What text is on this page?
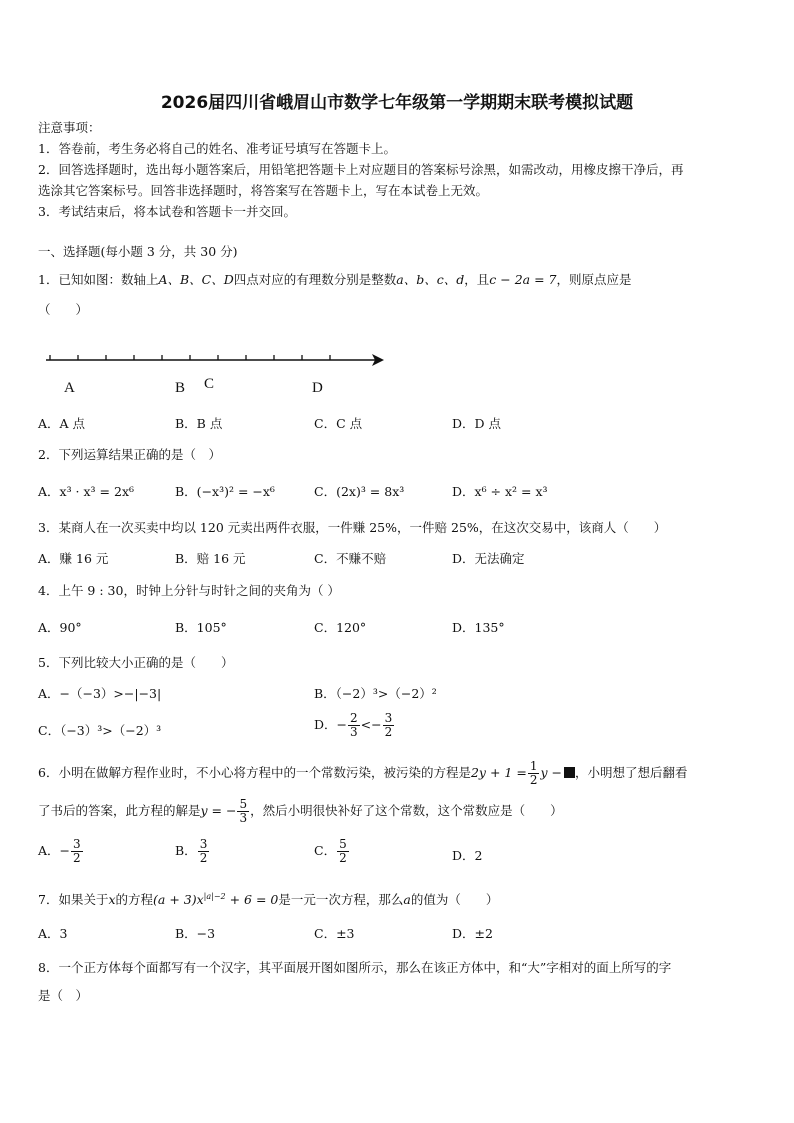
2026届四川省峨眉山市数学七年级第一学期期末联考模拟试题
注意事项：
1．答卷前，考生务必将自己的姓名、准考证号填写在答题卡上。
2．回答选择题时，选出每小题答案后，用铅笔把答题卡上对应题目的答案标号涂黑，如需改动，用橡皮擦干净后，再
选涂其它答案标号。回答非选择题时，将答案写在答题卡上，写在本试卷上无效。
3．考试结束后，将本试卷和答题卡一并交回。
一、选择题(每小题 3 分，共 30 分)
1．已知如图：数轴上A、B、C、D四点对应的有理数分别是整数a、b、c、d，且c − 2a = 7，则原点应是
（　　）
A	B C	D
A．A 点	B．B 点	C．C 点	D．D 点
2．下列运算结果正确的是（　）
A．x³ · x³ = 2x⁶	B．(−x³)² = −x⁶	C．(2x)³ = 8x³	D．x⁶ ÷ x² = x³
3．某商人在一次买卖中均以 120 元卖出两件衣服，一件赚 25%，一件赔 25%，在这次交易中，该商人（　　）
A．赚 16 元	B．赔 16 元	C．不赚不赔	D．无法确定
4．上午 9 : 30，时钟上分针与时针之间的夹角为（ ）
A．90°	B．105°	C．120°	D．135°
5．下列比较大小正确的是（　　）
A．−（−3）>−|−3|	B．（−2）³>（−2）²
C．（−3）³>（−2）³	D．− $\frac{2}{3} <- \frac{3}{2}$
6．小明在做解方程作业时，不小心将方程中的一个常数污染，被污染的方程是$2y + 1 = \frac{1}{2}$ y − ，小明想了想后翻看
了书后的答案，此方程的解是y = − $\frac{5}{3}$ ，然后小明很快补好了这个常数，这个常数应是（　　）
A．− $\frac{3}{2}$	B． $\frac{3}{2}$	C． $\frac{5}{2}$	D．2
7．如果关于x的方程$(a + 3)x^{|a|-2} + 6 = 0$是一元一次方程，那么a的值为（　　）
A．3	B．−3	C．±3	D．±2
8．一个正方体每个面都写有一个汉字，其平面展开图如图所示，那么在该正方体中，和“大”字相对的面上所写的字
是（　）
